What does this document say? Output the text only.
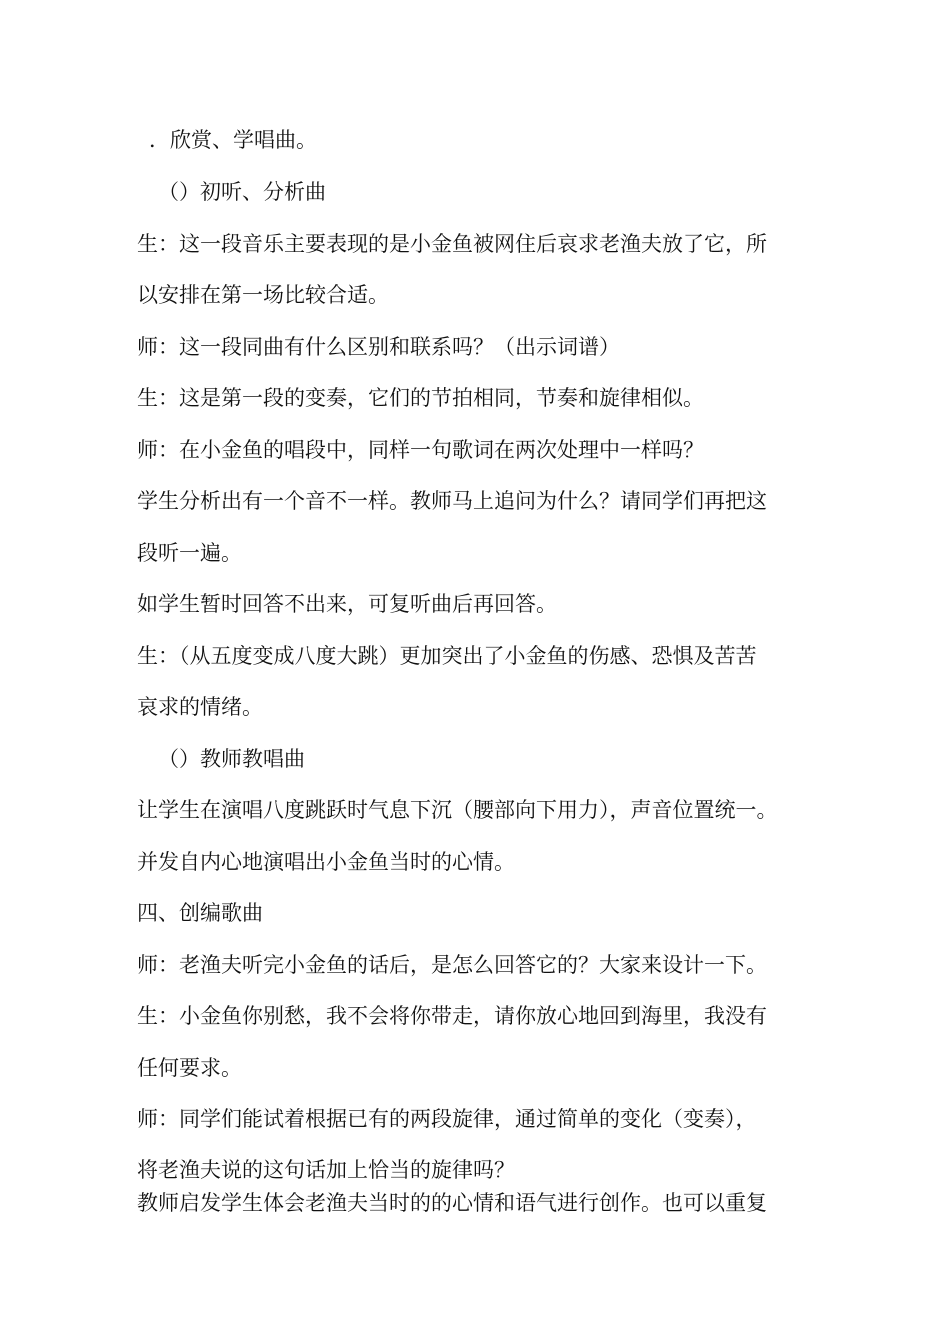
．欣赏、学唱曲。
（）初听、分析曲
生：这一段音乐主要表现的是小金鱼被网住后哀求老渔夫放了它，所
以安排在第一场比较合适。
师：这一段同曲有什么区别和联系吗？（出示词谱）
生：这是第一段的变奏，它们的节拍相同，节奏和旋律相似。
师：在小金鱼的唱段中，同样一句歌词在两次处理中一样吗？
学生分析出有一个音不一样。教师马上追问为什么？请同学们再把这
段听一遍。
如学生暂时回答不出来，可复听曲后再回答。
生：（从五度变成八度大跳）更加突出了小金鱼的伤感、恐惧及苦苦
哀求的情绪。
（）教师教唱曲
让学生在演唱八度跳跃时气息下沉（腰部向下用力），声音位置统一。
并发自内心地演唱出小金鱼当时的心情。
四、创编歌曲
师：老渔夫听完小金鱼的话后，是怎么回答它的？大家来设计一下。
生：小金鱼你别愁，我不会将你带走，请你放心地回到海里，我没有
任何要求。
师：同学们能试着根据已有的两段旋律，通过简单的变化（变奏），
将老渔夫说的这句话加上恰当的旋律吗？
教师启发学生体会老渔夫当时的的心情和语气进行创作。也可以重复
